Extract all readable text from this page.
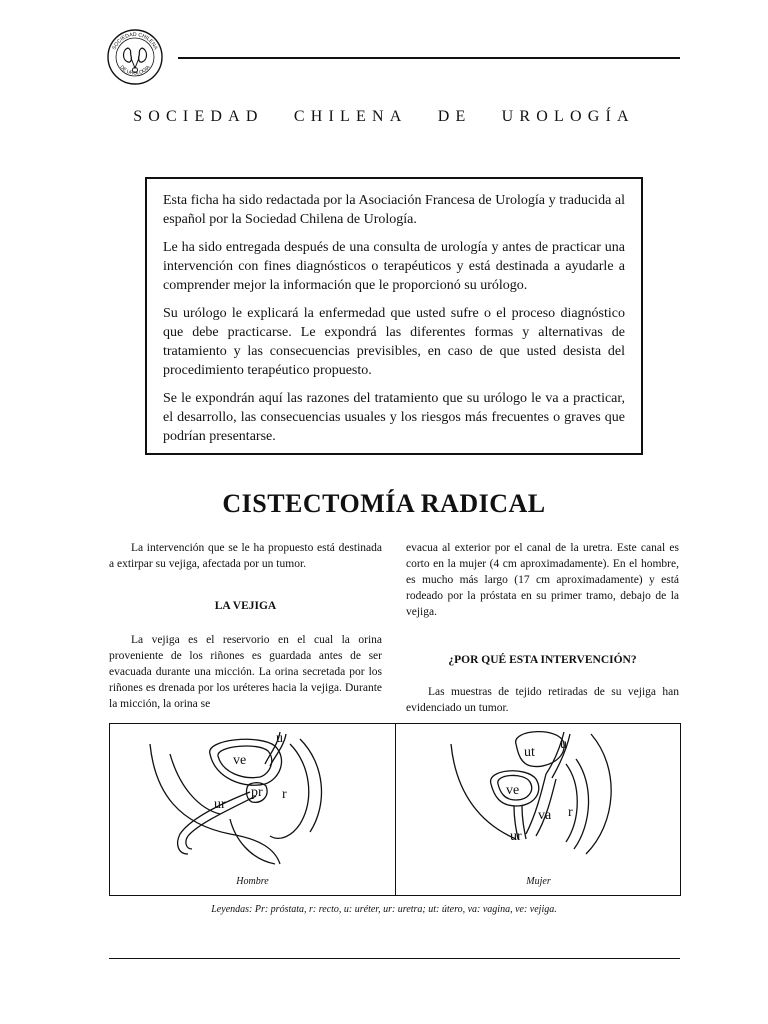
SOCIEDAD CHILENA
DE UROLOGIA
SOCIEDAD CHILENA DE UROLOGÍA

Esta ficha ha sido redactada por la Asociación Francesa de Urología y traducida al español por la Sociedad Chilena de Urología.

Le ha sido entregada después de una consulta de urología y antes de practicar una intervención con fines diagnósticos o terapéuticos y está destinada a ayudarle a comprender mejor la información que le proporcionó su urólogo.

Su urólogo le explicará la enfermedad que usted sufre o el proceso diagnóstico que debe practicarse. Le expondrá las diferentes formas y alternativas de tratamiento y las consecuencias previsibles, en caso de que usted desista del procedimiento terapéutico propuesto.

Se le expondrán aquí las razones del tratamiento que su urólogo le va a practicar, el desarrollo, las consecuencias usuales y los riesgos más frecuentes o graves que podrían presentarse.

CISTECTOMÍA RADICAL

La intervención que se le ha propuesto está destinada a extirpar su vejiga, afectada por un tumor.

LA VEJIGA

La vejiga es el reservorio en el cual la orina proveniente de los riñones es guardada antes de ser evacuada durante una micción. La orina secretada por los riñones es drenada por los uréteres hacia la vejiga. Durante la micción, la orina se

evacua al exterior por el canal de la uretra. Este canal es corto en la mujer (4 cm aproximadamente). En el hombre, es mucho más largo (17 cm aproximadamente) y está rodeado por la próstata en su primer tramo, debajo de la vejiga.

¿POR QUÉ ESTA INTERVENCIÓN?

Las muestras de tejido retiradas de su vejiga han evidenciado un tumor.

u
ve
pr r
ur
Hombre
ut
u
ve
va r
ur
Mujer
Leyendas: Pr: próstata, r: recto, u: uréter, ur: uretra; ut: útero, va: vagina, ve: vejiga.
